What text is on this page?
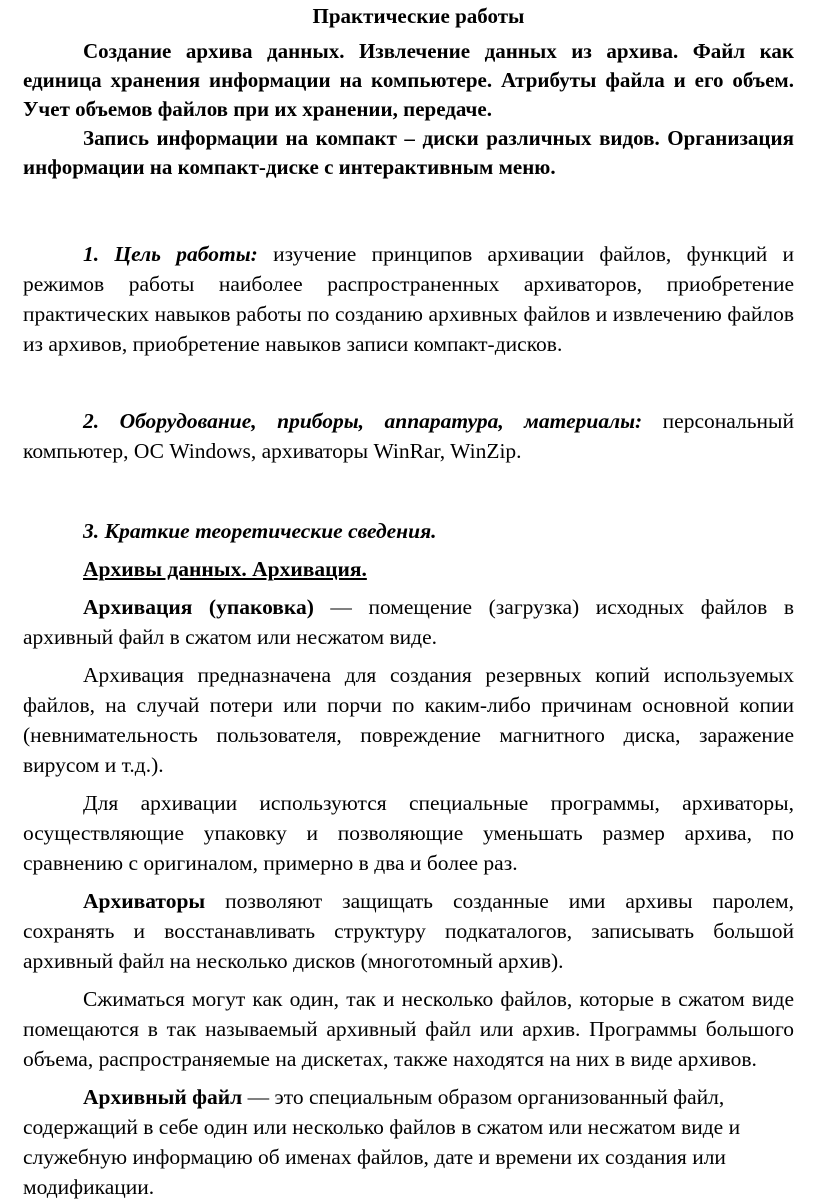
Практические работы
Создание архива данных. Извлечение данных из архива. Файл как единица хранения информации на компьютере. Атрибуты файла и его объем. Учет объемов файлов при их хранении, передаче.
Запись информации на компакт – диски различных видов. Организация информации на компакт-диске с интерактивным меню.

1. Цель работы: изучение принципов архивации файлов, функций и режимов работы наиболее распространенных архиваторов, приобретение практических навыков работы по созданию архивных файлов и извлечению файлов из архивов, приобретение навыков записи компакт-дисков.

2. Оборудование, приборы, аппаратура, материалы: персональный компьютер, ОС Windows, архиваторы WinRar, WinZip.

3. Краткие теоретические сведения.

Архивы данных. Архивация.

Архивация (упаковка) — помещение (загрузка) исходных файлов в архивный файл в сжатом или несжатом виде.

Архивация предназначена для создания резервных копий используемых файлов, на случай потери или порчи по каким-либо причинам основной копии (невнимательность пользователя, повреждение магнитного диска, заражение вирусом и т.д.).

Для архивации используются специальные программы, архиваторы, осуществляющие упаковку и позволяющие уменьшать размер архива, по сравнению с оригиналом, примерно в два и более раз.

Архиваторы позволяют защищать созданные ими архивы паролем, сохранять и восстанавливать структуру подкаталогов, записывать большой архивный файл на несколько дисков (многотомный архив).

Сжиматься могут как один, так и несколько файлов, которые в сжатом виде помещаются в так называемый архивный файл или архив. Программы большого объема, распространяемые на дискетах, также находятся на них в виде архивов.

Архивный файл — это специальным образом организованный файл, содержащий в себе один или несколько файлов в сжатом или несжатом виде и служебную информацию об именах файлов, дате и времени их создания или модификации.
